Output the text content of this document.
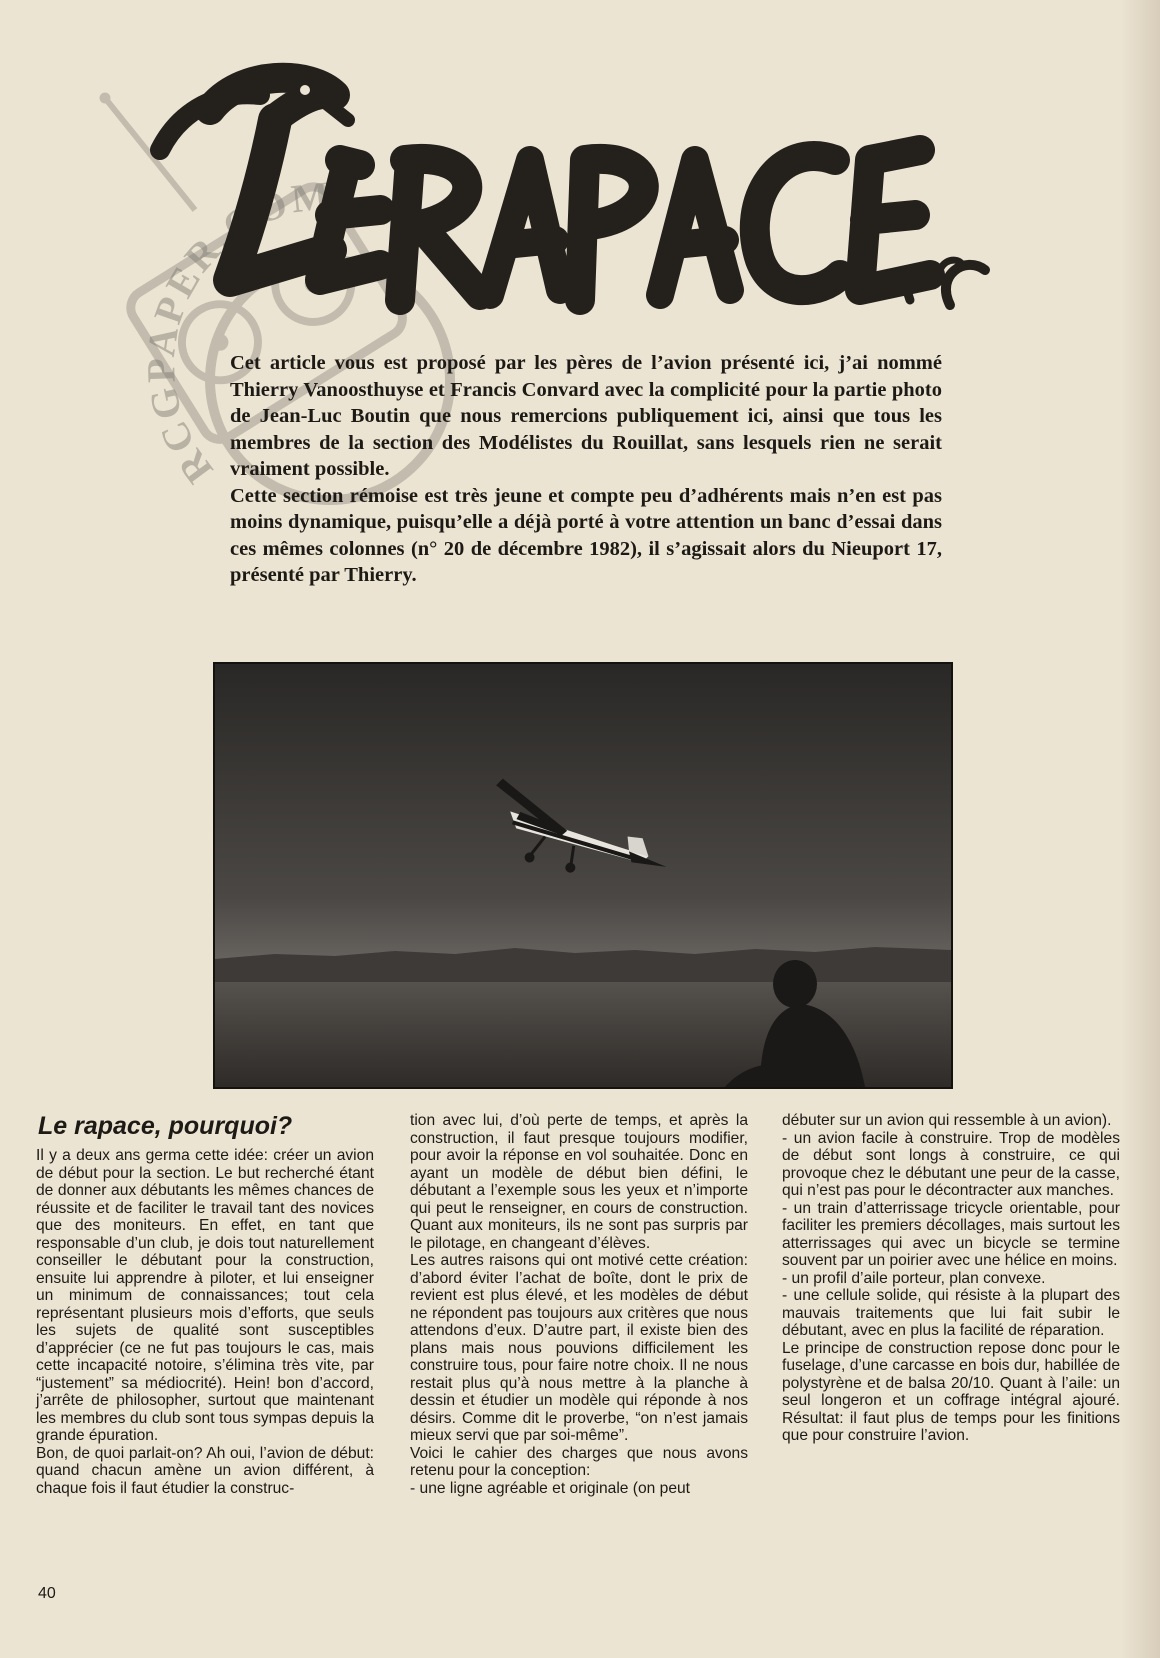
RCGPAPER.COM

Cet article vous est proposé par les pères de l’avion présenté ici, j’ai nommé Thierry Vanoosthuyse et Francis Convard avec la complicité pour la partie photo de Jean-Luc Boutin que nous remercions publiquement ici, ainsi que tous les membres de la section des Modélistes du Rouillat, sans lesquels rien ne serait vraiment possible.

Cette section rémoise est très jeune et compte peu d’adhérents mais n’en est pas moins dynamique, puisqu’elle a déjà porté à votre attention un banc d’essai dans ces mêmes colonnes (n° 20 de décembre 1982), il s’agissait alors du Nieuport 17, présenté par Thierry.

Le rapace, pourquoi?

Il y a deux ans germa cette idée: créer un avion de début pour la section. Le but recherché étant de donner aux débutants les mêmes chances de réussite et de faciliter le travail tant des novices que des moniteurs. En effet, en tant que responsable d’un club, je dois tout naturellement conseiller le débutant pour la construction, ensuite lui apprendre à piloter, et lui enseigner un minimum de connaissances; tout cela représentant plusieurs mois d’efforts, que seuls les sujets de qualité sont susceptibles d’apprécier (ce ne fut pas toujours le cas, mais cette incapacité notoire, s’élimina très vite, par “justement” sa médiocrité). Hein! bon d’accord, j’arrête de philosopher, surtout que maintenant les membres du club sont tous sympas depuis la grande épuration.

Bon, de quoi parlait-on? Ah oui, l’avion de début: quand chacun amène un avion différent, à chaque fois il faut étudier la construc-

tion avec lui, d’où perte de temps, et après la construction, il faut presque toujours modifier, pour avoir la réponse en vol souhaitée. Donc en ayant un modèle de début bien défini, le débutant a l’exemple sous les yeux et n’importe qui peut le renseigner, en cours de construction. Quant aux moniteurs, ils ne sont pas surpris par le pilotage, en changeant d’élèves.

Les autres raisons qui ont motivé cette création: d’abord éviter l’achat de boîte, dont le prix de revient est plus élevé, et les modèles de début ne répondent pas toujours aux critères que nous attendons d’eux. D’autre part, il existe bien des plans mais nous pouvions difficilement les construire tous, pour faire notre choix. Il ne nous restait plus qu’à nous mettre à la planche à dessin et étudier un modèle qui réponde à nos désirs. Comme dit le proverbe, “on n’est jamais mieux servi que par soi-même”.

Voici le cahier des charges que nous avons retenu pour la conception:

- une ligne agréable et originale (on peut

débuter sur un avion qui ressemble à un avion).

- un avion facile à construire. Trop de modèles de début sont longs à construire, ce qui provoque chez le débutant une peur de la casse, qui n’est pas pour le décontracter aux manches.

- un train d’atterrissage tricycle orientable, pour faciliter les premiers décollages, mais surtout les atterrissages qui avec un bicycle se termine souvent par un poirier avec une hélice en moins.

- un profil d’aile porteur, plan convexe.

- une cellule solide, qui résiste à la plupart des mauvais traitements que lui fait subir le débutant, avec en plus la facilité de réparation.

Le principe de construction repose donc pour le fuselage, d’une carcasse en bois dur, habillée de polystyrène et de balsa 20/10. Quant à l’aile: un seul longeron et un coffrage intégral ajouré. Résultat: il faut plus de temps pour les finitions que pour construire l’avion.

40
